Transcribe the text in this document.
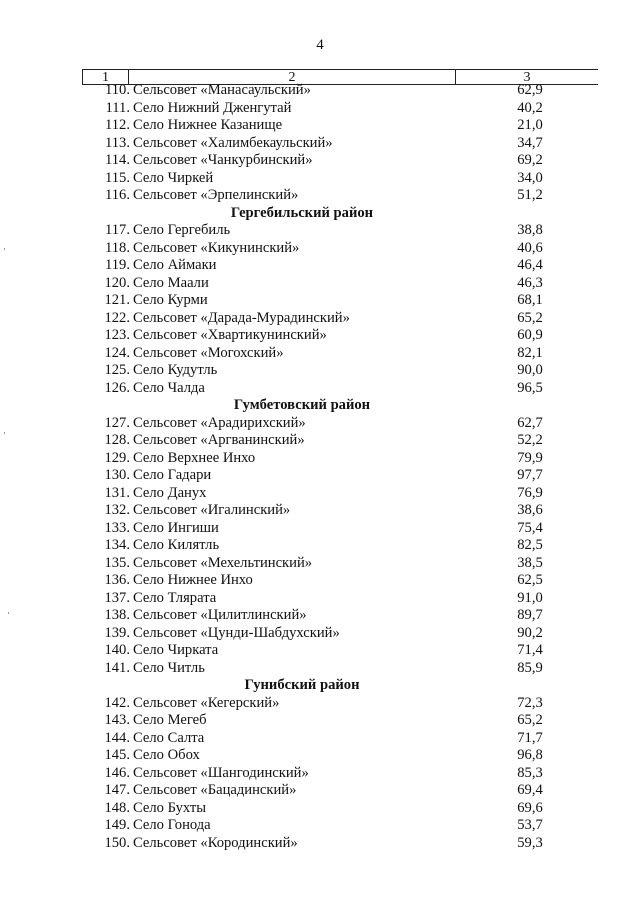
4
1	2	3
110. Сельсовет «Манасаульский»	62,9
111. Село Нижний Дженгутай	40,2
112. Село Нижнее Казанище	21,0
113. Сельсовет «Халимбекаульский»	34,7
114. Сельсовет «Чанкурбинский»	69,2
115. Село Чиркей	34,0
116. Сельсовет «Эрпелинский»	51,2
Гергебильский район
117. Село Гергебиль	38,8
118. Сельсовет «Кикунинский»	40,6
119. Село Аймаки	46,4
120. Село Маали	46,3
121. Село Курми	68,1
122. Сельсовет «Дарада-Мурадинский»	65,2
123. Сельсовет «Хвартикунинский»	60,9
124. Сельсовет «Могохский»	82,1
125. Село Кудутль	90,0
126. Село Чалда	96,5
Гумбетовский район
127. Сельсовет «Арадирихский»	62,7
128. Сельсовет «Аргванинский»	52,2
129. Село Верхнее Инхо	79,9
130. Село Гадари	97,7
131. Село Данух	76,9
132. Сельсовет «Игалинский»	38,6
133. Село Ингиши	75,4
134. Село Килятль	82,5
135. Сельсовет «Мехельтинский»	38,5
136. Село Нижнее Инхо	62,5
137. Село Тлярата	91,0
138. Сельсовет «Цилитлинский»	89,7
139. Сельсовет «Цунди-Шабдухский»	90,2
140. Село Чирката	71,4
141. Село Читль	85,9
Гунибский район
142. Сельсовет «Кегерский»	72,3
143. Село Мегеб	65,2
144. Село Салта	71,7
145. Село Обох	96,8
146. Сельсовет «Шангодинский»	85,3
147. Сельсовет «Бацадинский»	69,4
148. Село Бухты	69,6
149. Село Гонода	53,7
150. Сельсовет «Кородинский»	59,3
